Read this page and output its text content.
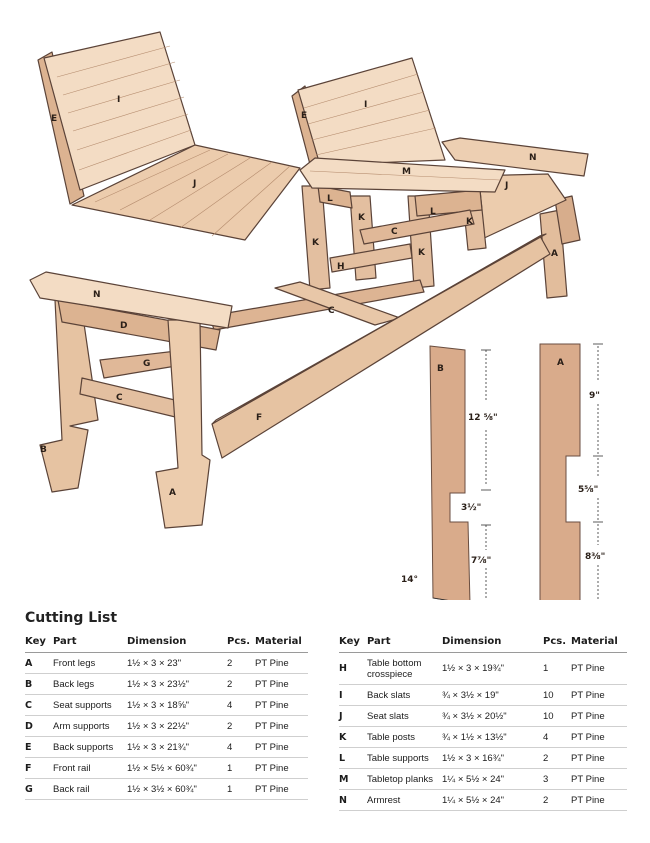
I
E
J
I
E
M
N
J
L
K
C
L
K
K
K
H
A
N
C
D
G
C
F
B
A
B
12 ⅝"
3½"
7⅞"
14°
A
9"
5⅝"
8⅜"
Cutting List
Key	Part	Dimension	Pcs.	Material
A	Front legs	1½ × 3 × 23"	2	PT Pine
B	Back legs	1½ × 3 × 23½"	2	PT Pine
C	Seat supports	1½ × 3 × 18⅝"	4	PT Pine
D	Arm supports	1½ × 3 × 22½"	2	PT Pine
E	Back supports	1½ × 3 × 21¾"	4	PT Pine
F	Front rail	1½ × 5½ × 60¾"	1	PT Pine
G	Back rail	1½ × 3½ × 60¾"	1	PT Pine
Key	Part	Dimension	Pcs.	Material
H	Table bottom crosspiece	1½ × 3 × 19¾"	1	PT Pine
I	Back slats	¾ × 3½ × 19"	10	PT Pine
J	Seat slats	¾ × 3½ × 20½"	10	PT Pine
K	Table posts	¾ × 1½ × 13½"	4	PT Pine
L	Table supports	1½ × 3 × 16¾"	2	PT Pine
M	Tabletop planks	1¼ × 5½ × 24"	3	PT Pine
N	Armrest	1¼ × 5½ × 24"	2	PT Pine
